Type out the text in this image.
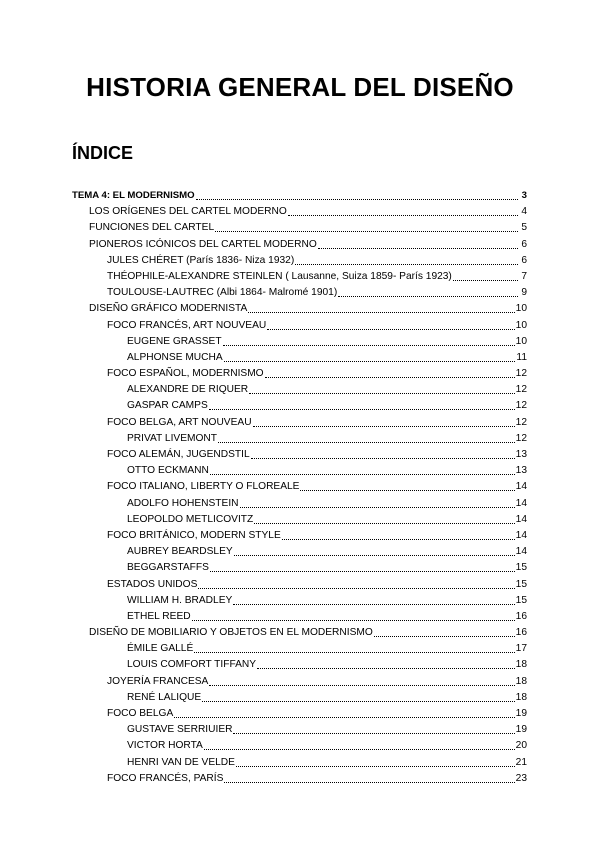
HISTORIA GENERAL DEL DISEÑO
ÍNDICE
TEMA 4: EL MODERNISMO	3
LOS ORÍGENES DEL CARTEL MODERNO	4
FUNCIONES DEL CARTEL	5
PIONEROS ICÓNICOS DEL CARTEL MODERNO	6
JULES CHÉRET (París 1836- Niza 1932)	6
THÉOPHILE-ALEXANDRE STEINLEN ( Lausanne, Suiza 1859- París 1923)	7
TOULOUSE-LAUTREC (Albi 1864- Malromé 1901)	9
DISEÑO GRÁFICO MODERNISTA	10
FOCO FRANCÉS, ART NOUVEAU	10
EUGENE GRASSET	10
ALPHONSE MUCHA	11
FOCO ESPAÑOL, MODERNISMO	12
ALEXANDRE DE RIQUER	12
GASPAR CAMPS	12
FOCO BELGA, ART NOUVEAU	12
PRIVAT LIVEMONT	12
FOCO ALEMÁN, JUGENDSTIL	13
OTTO ECKMANN	13
FOCO ITALIANO, LIBERTY O FLOREALE	14
ADOLFO HOHENSTEIN	14
LEOPOLDO METLICOVITZ	14
FOCO BRITÁNICO, MODERN STYLE	14
AUBREY BEARDSLEY	14
BEGGARSTAFFS	15
ESTADOS UNIDOS	15
WILLIAM H. BRADLEY	15
ETHEL REED	16
DISEÑO DE MOBILIARIO Y OBJETOS EN EL MODERNISMO	16
ÉMILE GALLÉ	17
LOUIS COMFORT TIFFANY	18
JOYERÍA FRANCESA	18
RENÉ LALIQUE	18
FOCO BELGA	19
GUSTAVE SERRIUIER	19
VICTOR HORTA	20
HENRI VAN DE VELDE	21
FOCO FRANCÉS, PARÍS	23
